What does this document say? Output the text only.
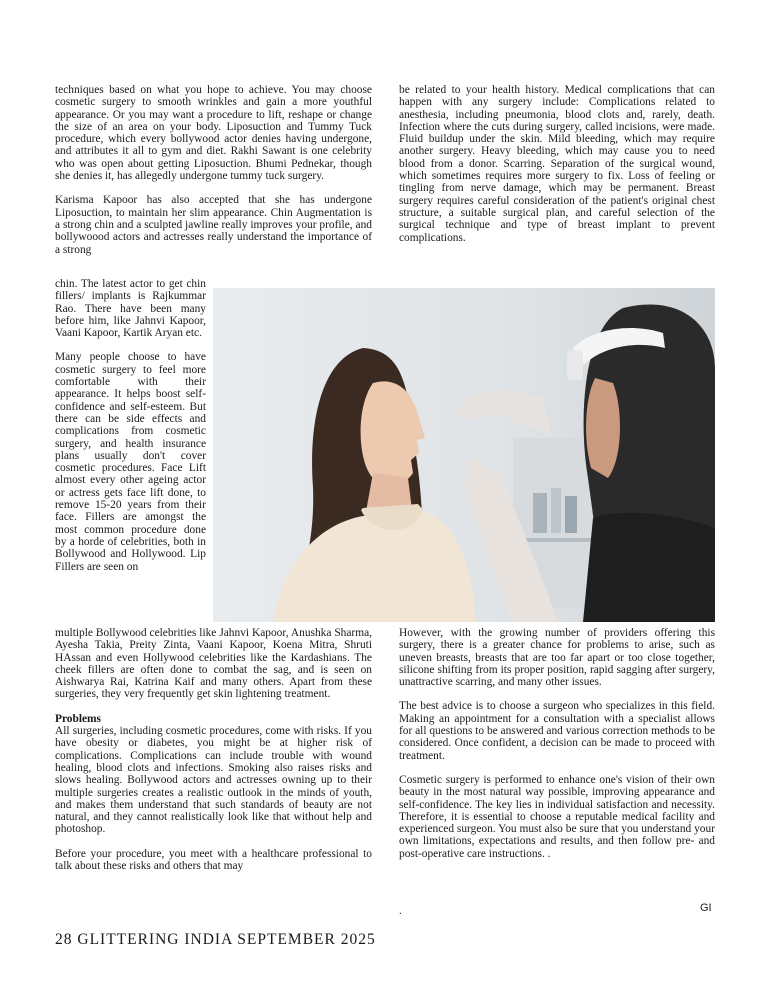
techniques based on what you hope to achieve. You may choose cosmetic surgery to smooth wrinkles and gain a more youthful appearance. Or you may want a procedure to lift, reshape or change the size of an area on your body. Liposuction and Tummy Tuck procedure, which every bollywood actor denies having undergone, and attributes it all to gym and diet. Rakhi Sawant is one celebrity who was open about getting Liposuction. Bhumi Pednekar, though she denies it, has allegedly undergone tummy tuck surgery.

Karisma Kapoor has also accepted that she has undergone Liposuction, to maintain her slim appearance. Chin Augmentation is a strong chin and a sculpted jawline really improves your profile, and bollywoood actors and actresses really understand the importance of a strong

chin. The latest actor to get chin fillers/ implants is Rajkummar Rao. There have been many before him, like Jahnvi Kapoor, Vaani Kapoor, Kartik Aryan etc.

Many people choose to have cosmetic surgery to feel more comfortable with their appearance. It helps boost self-confidence and self-esteem. But there can be side effects and complications from cosmetic surgery, and health insurance plans usually don't cover cosmetic procedures. Face Lift almost every other ageing actor or actress gets face lift done, to remove 15-20 years from their face. Fillers are amongst the most common procedure done by a horde of celebrities, both in Bollywood and Hollywood. Lip Fillers are seen on

multiple Bollywood celebrities like Jahnvi Kapoor, Anushka Sharma, Ayesha Takia, Preity Zinta, Vaani Kapoor, Koena Mitra, Shruti HAssan and even Hollywood celebrities like the Kardashians. The cheek fillers are often done to combat the sag, and is seen on Aishwarya Rai, Katrina Kaif and many others. Apart from these surgeries, they very frequently get skin lightening treatment.

Problems
All surgeries, including cosmetic procedures, come with risks. If you have obesity or diabetes, you might be at higher risk of complications. Complications can include trouble with wound healing, blood clots and infections. Smoking also raises risks and slows healing. Bollywood actors and actresses owning up to their multiple surgeries creates a realistic outlook in the minds of youth, and makes them understand that such standards of beauty are not natural, and they cannot realistically look like that without help and photoshop.

Before your procedure, you meet with a healthcare professional to talk about these risks and others that may

be related to your health history. Medical complications that can happen with any surgery include: Complications related to anesthesia, including pneumonia, blood clots and, rarely, death. Infection where the cuts during surgery, called incisions, were made. Fluid buildup under the skin. Mild bleeding, which may require another surgery. Heavy bleeding, which may cause you to need blood from a donor. Scarring. Separation of the surgical wound, which sometimes requires more surgery to fix. Loss of feeling or tingling from nerve damage, which may be permanent. Breast surgery requires careful consideration of the patient's original chest structure, a suitable surgical plan, and careful selection of the surgical technique and type of breast implant to prevent complications.

However, with the growing number of providers offering this surgery, there is a greater chance for problems to arise, such as uneven breasts, breasts that are too far apart or too close together, silicone shifting from its proper position, rapid sagging after surgery, unattractive scarring, and many other issues.

The best advice is to choose a surgeon who specializes in this field. Making an appointment for a consultation with a specialist allows for all questions to be answered and various correction methods to be considered. Once confident, a decision can be made to proceed with treatment.

Cosmetic surgery is performed to enhance one's vision of their own beauty in the most natural way possible, improving appearance and self-confidence. The key lies in individual satisfaction and necessity. Therefore, it is essential to choose a reputable medical facility and experienced surgeon. You must also be sure that you understand your own limitations, expectations and results, and then follow pre- and post-operative care instructions. .

.	GI
28 GLITTERING INDIA SEPTEMBER 2025
